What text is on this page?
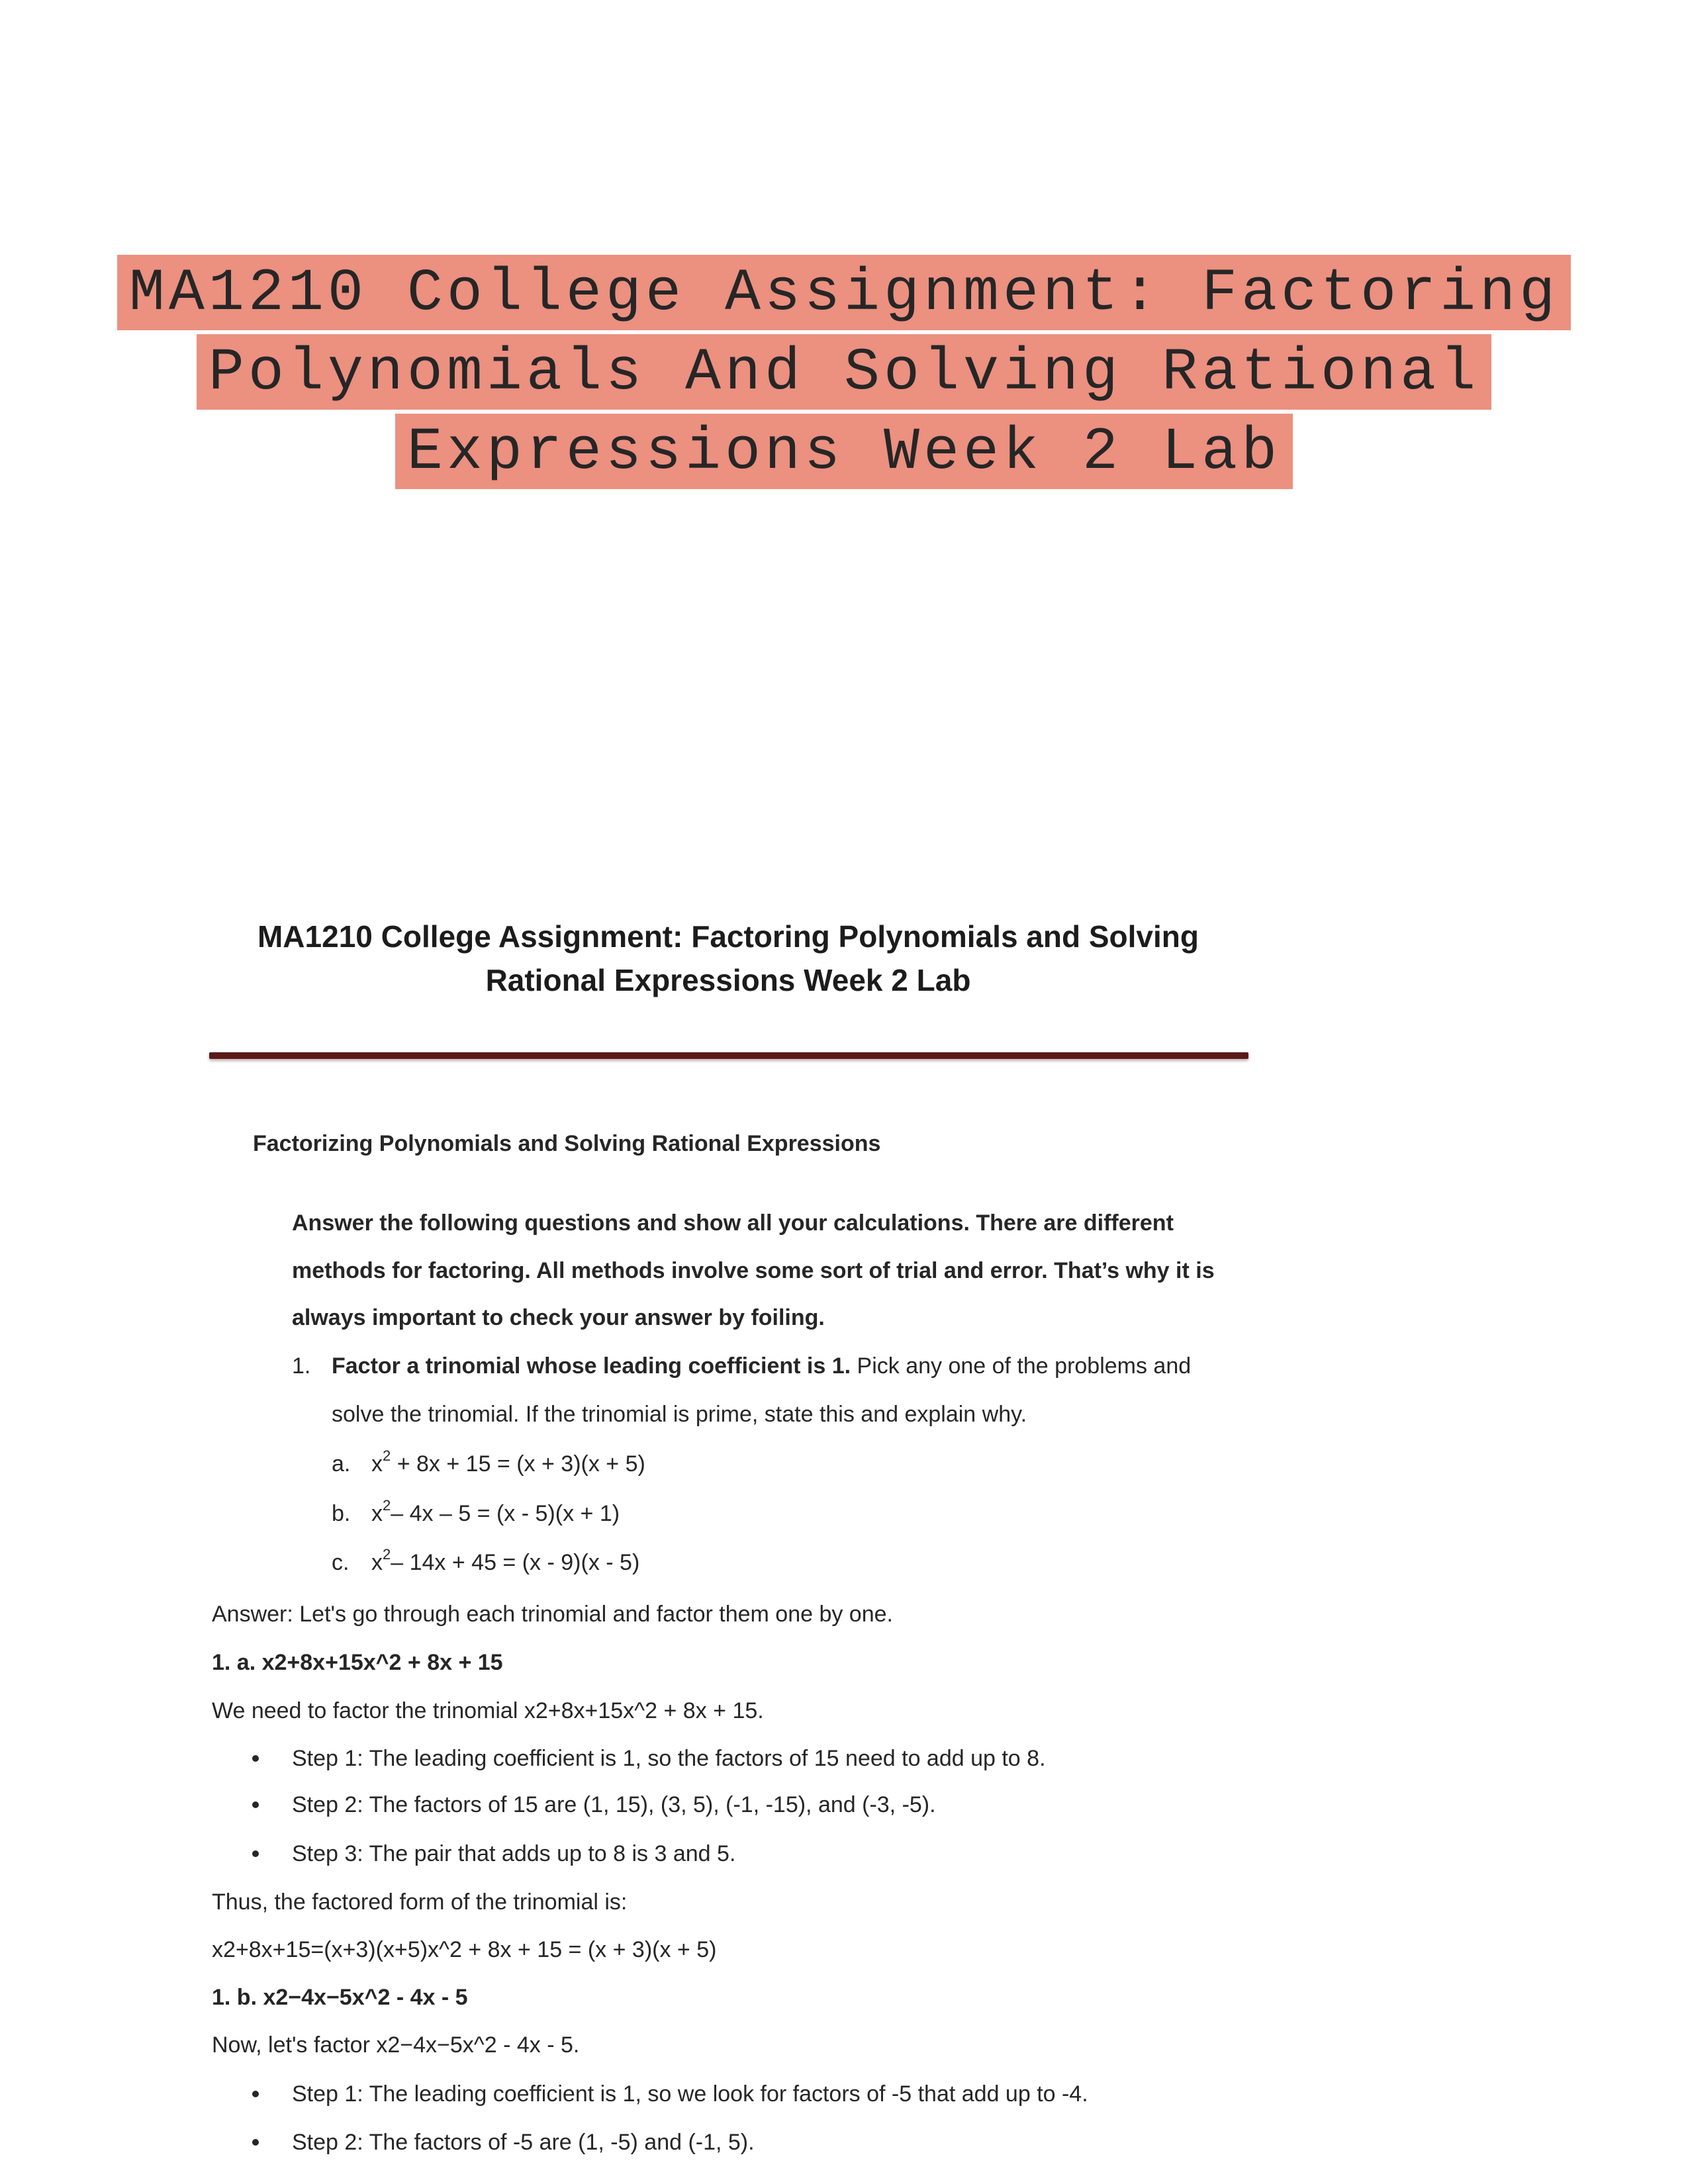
MA1210 College Assignment: Factoring
Polynomials And Solving Rational
Expressions Week 2 Lab
MA1210 College Assignment: Factoring Polynomials and Solving
Rational Expressions Week 2 Lab
Factorizing Polynomials and Solving Rational Expressions
Answer the following questions and show all your calculations. There are different
methods for factoring. All methods involve some sort of trial and error. That’s why it is
always important to check your answer by foiling.
1. Factor a trinomial whose leading coefficient is 1. Pick any one of the problems and
solve the trinomial. If the trinomial is prime, state this and explain why.
a. $x^2 + 8x + 15 = (x + 3)(x + 5)$
b. $x^2-$ 4x – 5 = (x - 5)(x + 1)
c. $x^2-$ 14x + 45 = (x - 9)(x - 5)
Answer: Let's go through each trinomial and factor them one by one.
1. a. x2+8x+15x^2 + 8x + 15
We need to factor the trinomial x2+8x+15x^2 + 8x + 15.
Step 1: The leading coefficient is 1, so the factors of 15 need to add up to 8.
Step 2: The factors of 15 are (1, 15), (3, 5), (-1, -15), and (-3, -5).
Step 3: The pair that adds up to 8 is 3 and 5.
Thus, the factored form of the trinomial is:
x2+8x+15=(x+3)(x+5)x^2 + 8x + 15 = (x + 3)(x + 5)
1. b. x2−4x−5x^2 - 4x - 5
Now, let's factor x2−4x−5x^2 - 4x - 5.
Step 1: The leading coefficient is 1, so we look for factors of -5 that add up to -4.
Step 2: The factors of -5 are (1, -5) and (-1, 5).
